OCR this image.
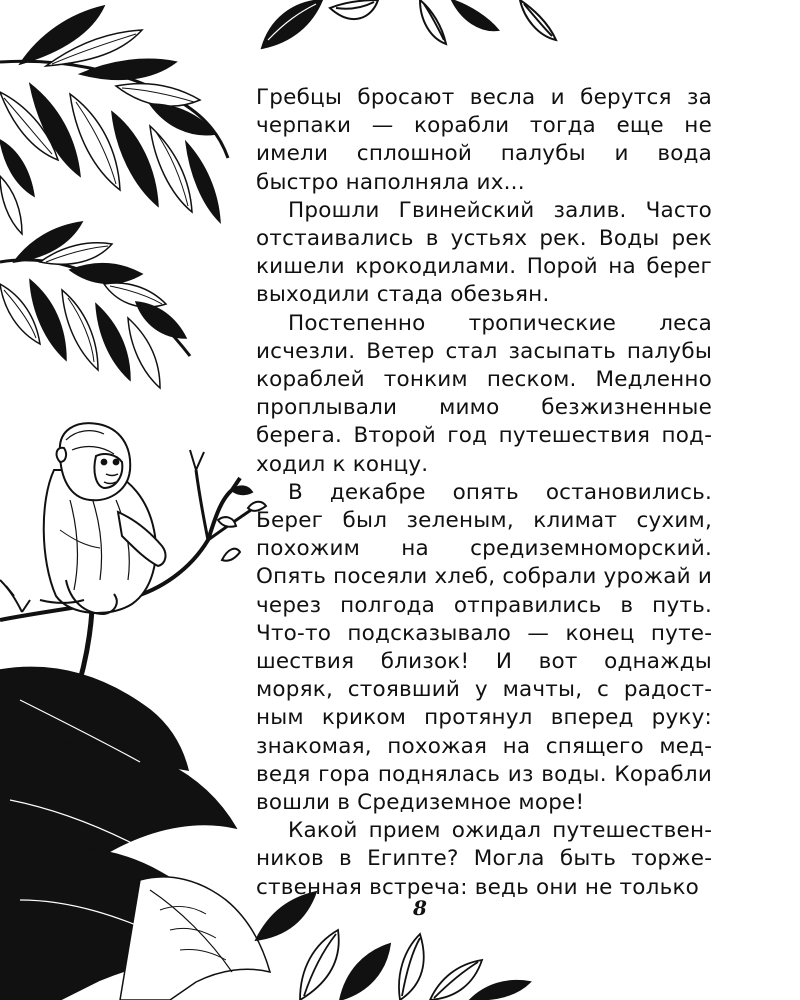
Гребцы бросают весла и берутся за черпаки — корабли тогда еще не имели сплошной палубы и вода быстро наполняла их...

Прошли Гвинейский залив. Часто отстаивались в устьях рек. Воды рек кишели крокодилами. Порой на берег выходили стада обезьян.

Постепенно тропические леса исчезли. Ветер стал засыпать палубы кораблей тонким песком. Медленно проплывали мимо безжизненные берега. Второй год путешествия подходил к концу.

В декабре опять остановились. Берег был зеленым, климат сухим, похожим на средиземноморский. Опять посеяли хлеб, собрали урожай и через полгода отправились в путь. Что-то подсказывало — конец путешествия близок! И вот однажды моряк, стоявший у мачты, с радостным криком протянул вперед руку: знакомая, похожая на спящего медведя гора поднялась из воды. Корабли вошли в Средиземное море!

Какой прием ожидал путешественников в Египте? Могла быть торжественная встреча: ведь они не только

8
